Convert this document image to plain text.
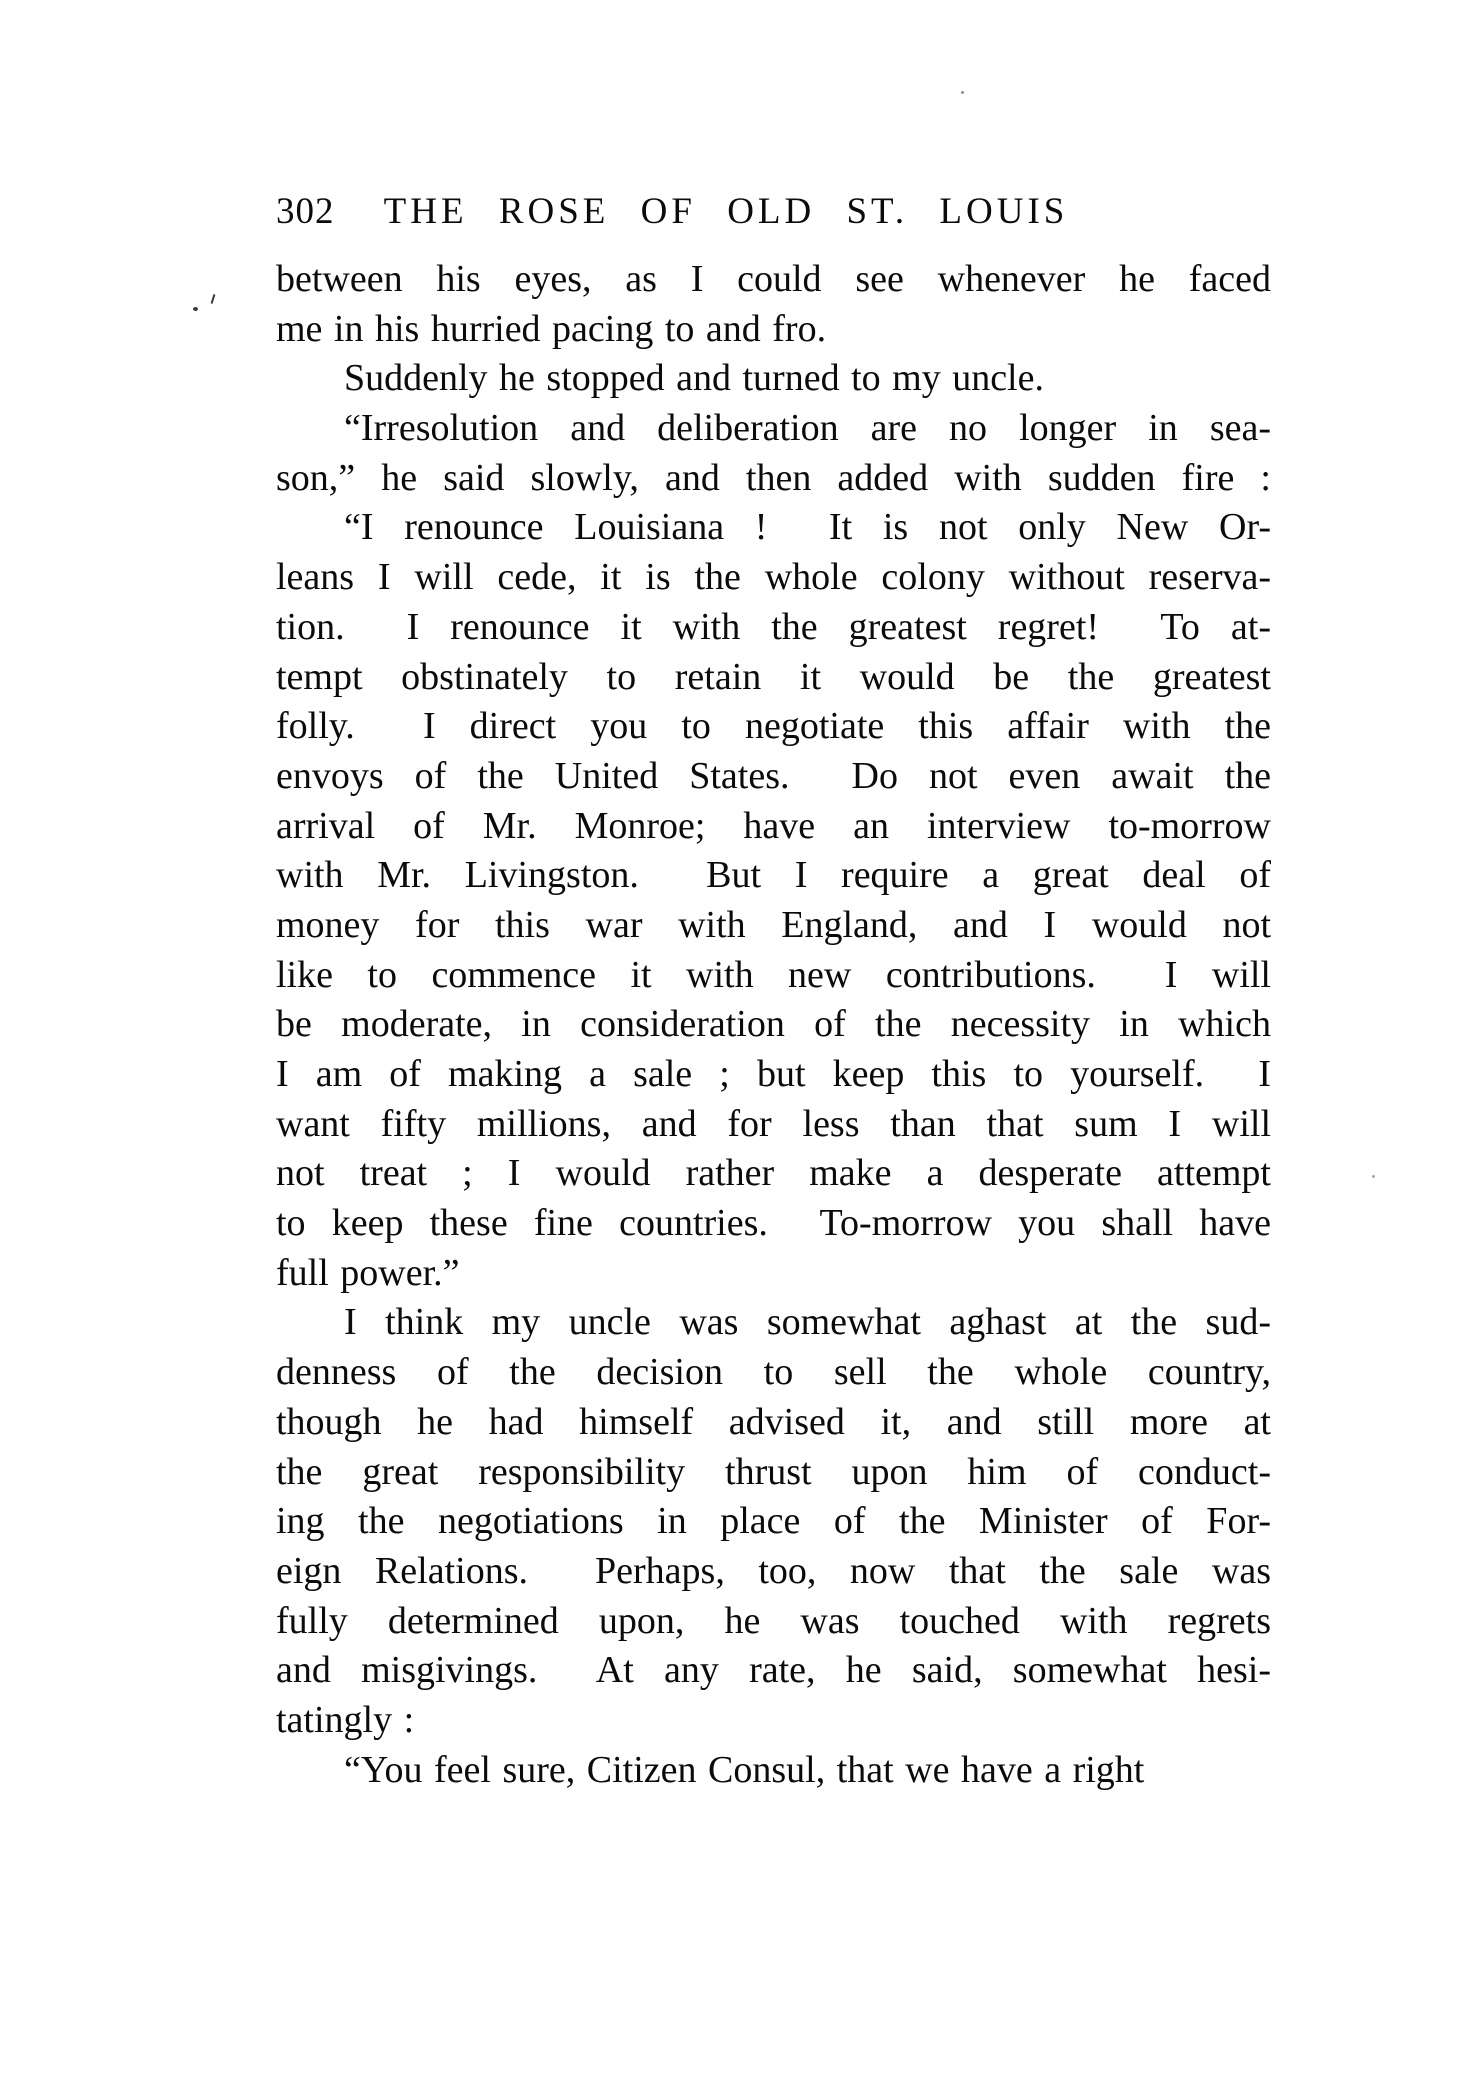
302	THE ROSE OF OLD ST. LOUIS
between his eyes, as I could see whenever he faced
me in his hurried pacing to and fro.
Suddenly he stopped and turned to my uncle.
“Irresolution and deliberation are no longer in sea-
son,” he said slowly, and then added with sudden fire :
“I renounce Louisiana !  It is not only New Or-
leans I will cede, it is the whole colony without reserva-
tion.  I renounce it with the greatest regret!  To at-
tempt obstinately to retain it would be the greatest
folly.  I direct you to negotiate this affair with the
envoys of the United States.  Do not even await the
arrival of Mr. Monroe; have an interview to-morrow
with Mr. Livingston.  But I require a great deal of
money for this war with England, and I would not
like to commence it with new contributions.  I will
be moderate, in consideration of the necessity in which
I am of making a sale ; but keep this to yourself.  I
want fifty millions, and for less than that sum I will
not treat ; I would rather make a desperate attempt
to keep these fine countries.  To-morrow you shall have
full power.”
I think my uncle was somewhat aghast at the sud-
denness of the decision to sell the whole country,
though he had himself advised it, and still more at
the great responsibility thrust upon him of conduct-
ing the negotiations in place of the Minister of For-
eign Relations.  Perhaps, too, now that the sale was
fully determined upon, he was touched with regrets
and misgivings.  At any rate, he said, somewhat hesi-
tatingly :
“You feel sure, Citizen Consul, that we have a right
